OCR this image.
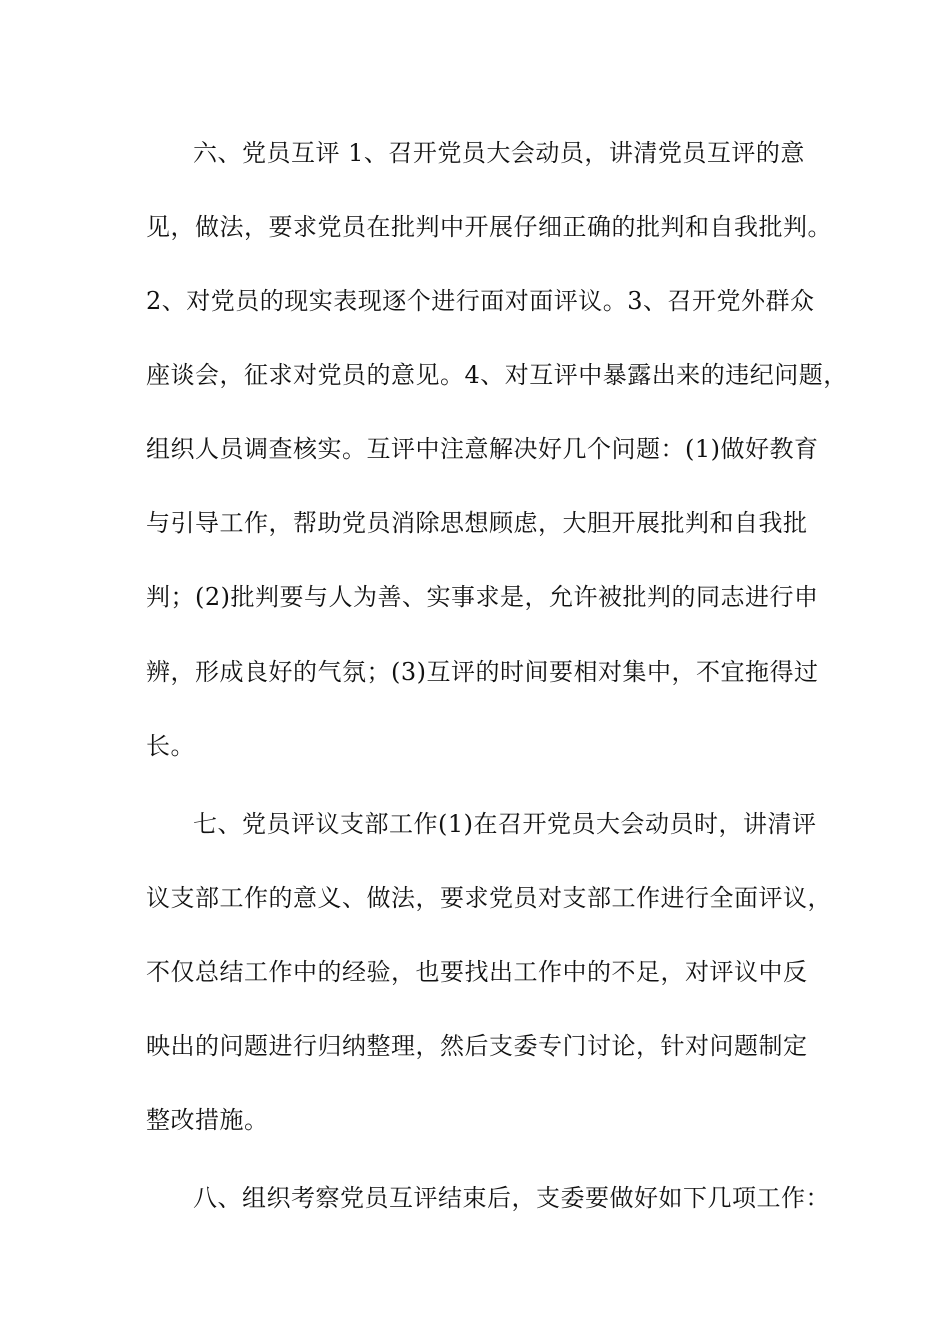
六、党员互评 1、召开党员大会动员，讲清党员互评的意
见，做法，要求党员在批判中开展仔细正确的批判和自我批判。
2、对党员的现实表现逐个进行面对面评议。3、召开党外群众
座谈会，征求对党员的意见。4、对互评中暴露出来的违纪问题，
组织人员调查核实。互评中注意解决好几个问题：(1)做好教育
与引导工作，帮助党员消除思想顾虑，大胆开展批判和自我批
判；(2)批判要与人为善、实事求是，允许被批判的同志进行申
辨，形成良好的气氛；(3)互评的时间要相对集中，不宜拖得过
长。
七、党员评议支部工作(1)在召开党员大会动员时，讲清评
议支部工作的意义、做法，要求党员对支部工作进行全面评议，
不仅总结工作中的经验，也要找出工作中的不足，对评议中反
映出的问题进行归纳整理，然后支委专门讨论，针对问题制定
整改措施。
八、组织考察党员互评结束后，支委要做好如下几项工作：
